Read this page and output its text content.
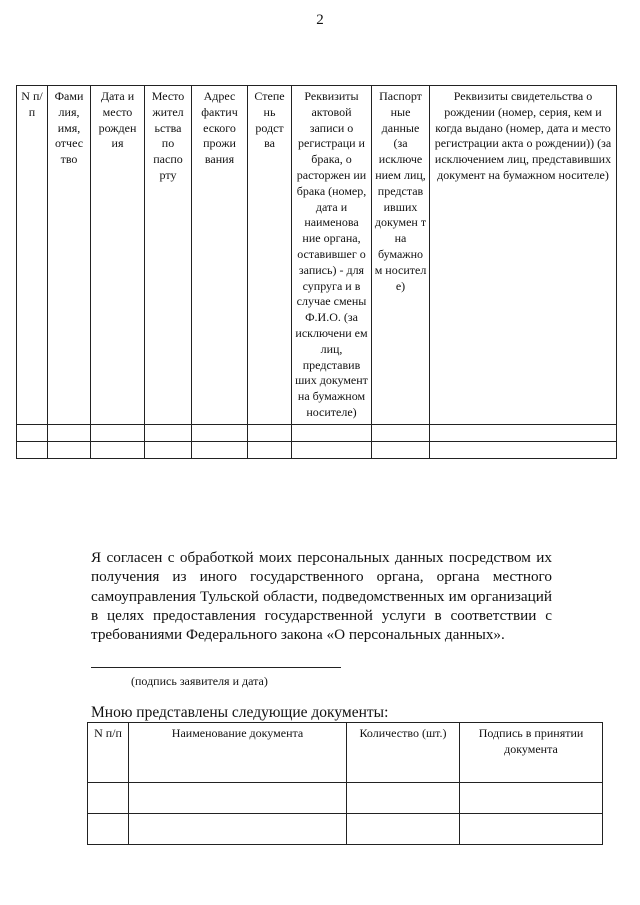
2
N п/п	Фами лия, имя, отчес тво	Дата и место рожден ия	Место жител ьства по паспо рту	Адрес фактич еского прожи вания	Степе нь родст ва	Реквизиты актовой записи о регистраци и брака, о расторжен ии брака (номер, дата и наименова ние органа, оставившег о запись) - для супруга и в случае смены Ф.И.О. (за исключени ем лиц, представив ших документ на бумажном носителе)	Паспорт ные данные (за исключе нием лиц, представ ивших докумен т на бумажно м носител е)	Реквизиты свидетельства о рождении (номер, серия, кем и когда выдано (номер, дата и место регистрации акта о рождении)) (за исключением лиц, представивших документ на бумажном носителе)

Я согласен с обработкой моих персональных данных посредством их получения из иного государственного органа, органа местного самоуправления Тульской области, подведомственных им организаций в целях предоставления государственной услуги в соответствии с требованиями Федерального закона «О персональных данных».
(подпись заявителя и дата)
Мною представлены следующие документы:
N п/п	Наименование документа	Количество (шт.)	Подпись в принятии документа
